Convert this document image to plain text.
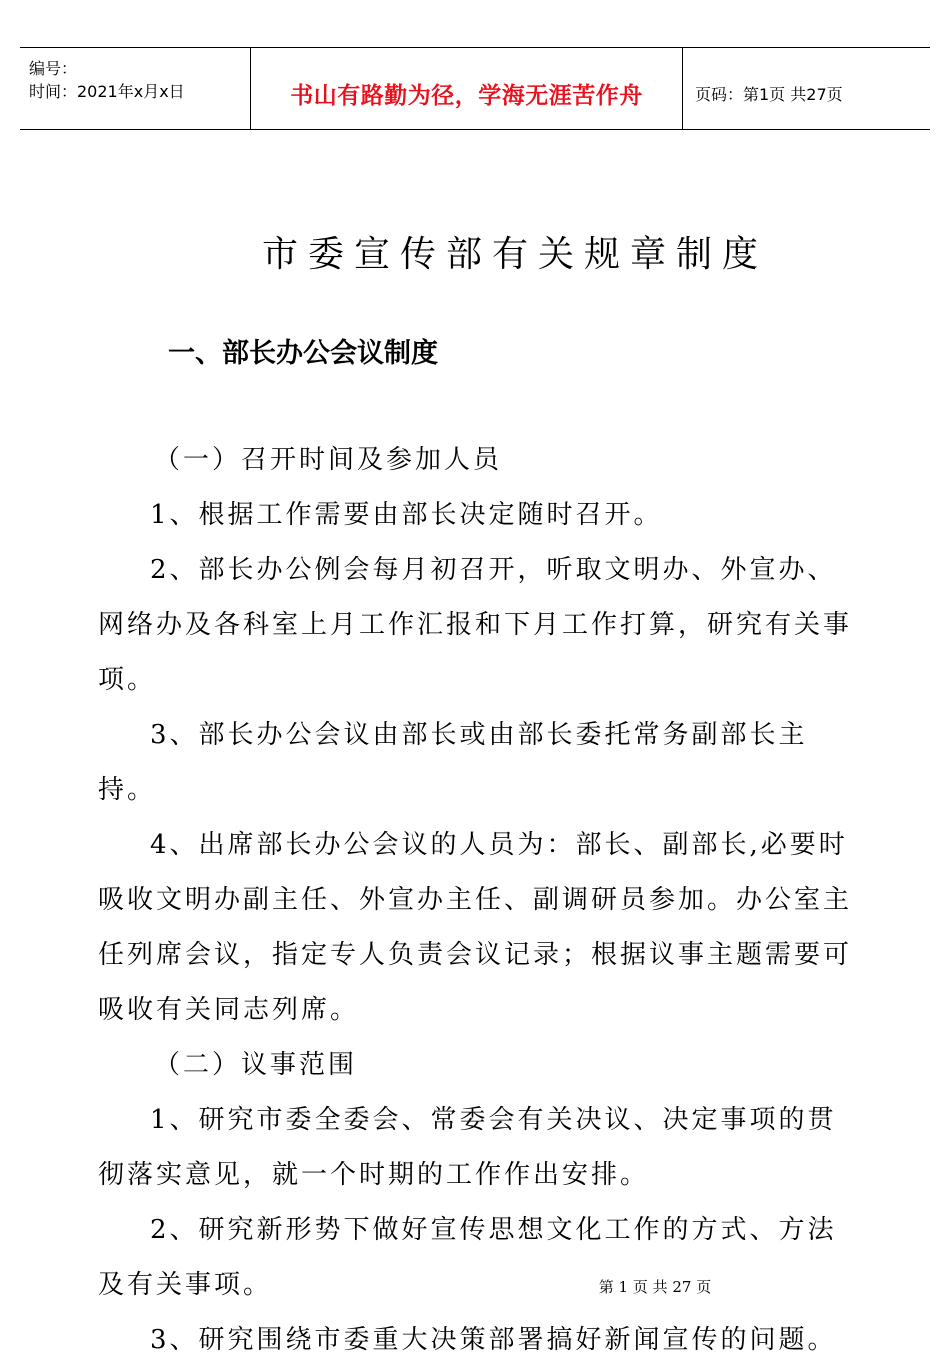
编号：
时间：2021年x月x日	书山有路勤为径，学海无涯苦作舟	页码：第1页 共27页
市委宣传部有关规章制度
一、部长办公会议制度

（一）召开时间及参加人员

1、根据工作需要由部长决定随时召开。

2、部长办公例会每月初召开，听取文明办、外宣办、网络办及各科室上月工作汇报和下月工作打算，研究有关事项。

3、部长办公会议由部长或由部长委托常务副部长主持。

4、出席部长办公会议的人员为：部长、副部长,必要时吸收文明办副主任、外宣办主任、副调研员参加。办公室主任列席会议，指定专人负责会议记录；根据议事主题需要可吸收有关同志列席。

（二）议事范围

1、研究市委全委会、常委会有关决议、决定事项的贯彻落实意见，就一个时期的工作作出安排。

2、研究新形势下做好宣传思想文化工作的方式、方法及有关事项。

3、研究围绕市委重大决策部署搞好新闻宣传的问题。

第 1 页 共 27 页
